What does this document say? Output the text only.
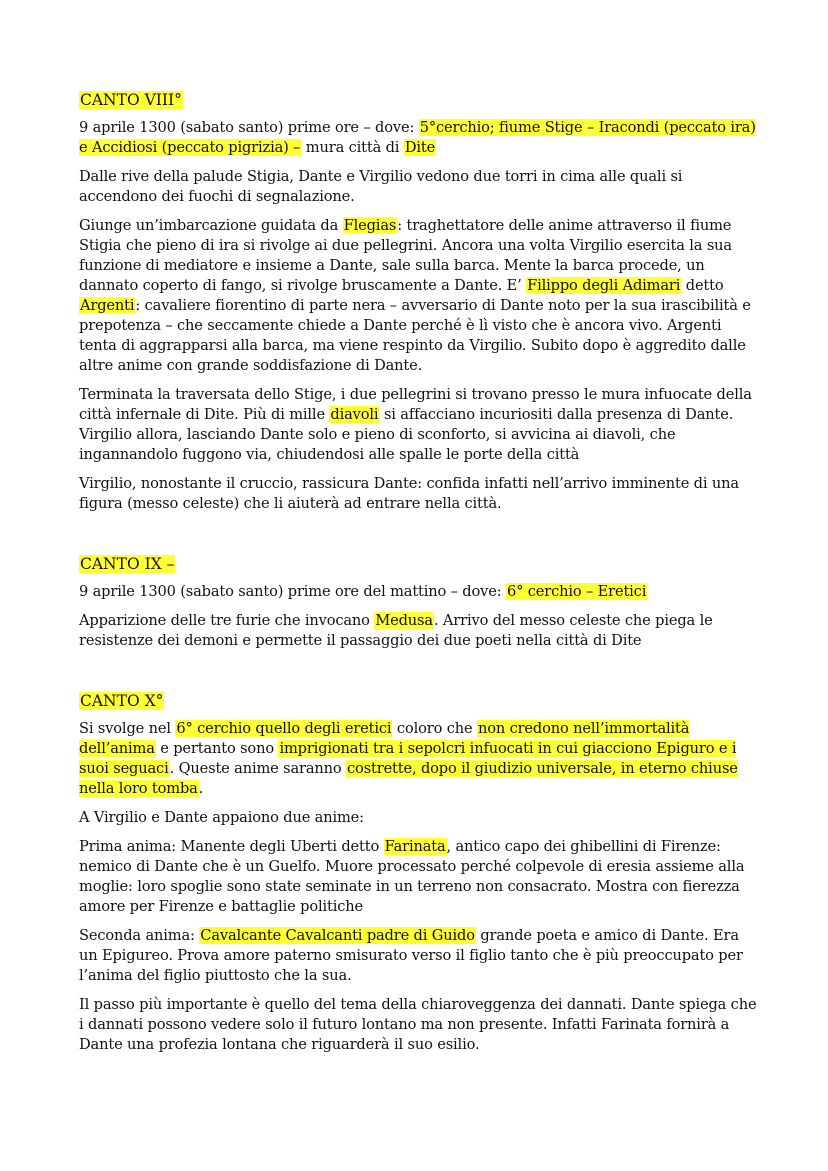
CANTO VIII°

9 aprile 1300 (sabato santo) prime ore – dove: 5°cerchio; fiume Stige – Iracondi (peccato ira) e Accidiosi (peccato pigrizia) – mura città di Dite

Dalle rive della palude Stigia, Dante e Virgilio vedono due torri in cima alle quali si accendono dei fuochi di segnalazione.

Giunge un’imbarcazione guidata da Flegias: traghettatore delle anime attraverso il fiume Stigia che pieno di ira si rivolge ai due pellegrini. Ancora una volta Virgilio esercita la sua funzione di mediatore e insieme a Dante, sale sulla barca. Mente la barca procede, un dannato coperto di fango, si rivolge bruscamente a Dante. E’ Filippo degli Adimari detto Argenti: cavaliere fiorentino di parte nera – avversario di Dante noto per la sua irascibilità e prepotenza – che seccamente chiede a Dante perché è lì visto che è ancora vivo. Argenti tenta di aggrapparsi alla barca, ma viene respinto da Virgilio. Subito dopo è aggredito dalle altre anime con grande soddisfazione di Dante.

Terminata la traversata dello Stige, i due pellegrini si trovano presso le mura infuocate della città infernale di Dite. Più di mille diavoli si affacciano incuriositi dalla presenza di Dante. Virgilio allora, lasciando Dante solo e pieno di sconforto, si avvicina ai diavoli, che ingannandolo fuggono via, chiudendosi alle spalle le porte della città

Virgilio, nonostante il cruccio, rassicura Dante: confida infatti nell’arrivo imminente di una figura (messo celeste) che li aiuterà ad entrare nella città.

CANTO IX –

9 aprile 1300 (sabato santo) prime ore del mattino – dove: 6° cerchio – Eretici

Apparizione delle tre furie che invocano Medusa. Arrivo del messo celeste che piega le resistenze dei demoni e permette il passaggio dei due poeti nella città di Dite

CANTO X°

Si svolge nel 6° cerchio quello degli eretici coloro che non credono nell’immortalità dell’anima e pertanto sono imprigionati tra i sepolcri infuocati in cui giacciono Epiguro e i suoi seguaci. Queste anime saranno costrette, dopo il giudizio universale, in eterno chiuse nella loro tomba.

A Virgilio e Dante appaiono due anime:

Prima anima: Manente degli Uberti detto Farinata, antico capo dei ghibellini di Firenze: nemico di Dante che è un Guelfo. Muore processato perché colpevole di eresia assieme alla moglie: loro spoglie sono state seminate in un terreno non consacrato. Mostra con fierezza amore per Firenze e battaglie politiche

Seconda anima: Cavalcante Cavalcanti padre di Guido grande poeta e amico di Dante. Era un Epigureo. Prova amore paterno smisurato verso il figlio tanto che è più preoccupato per l’anima del figlio piuttosto che la sua.

Il passo più importante è quello del tema della chiaroveggenza dei dannati. Dante spiega che i dannati possono vedere solo il futuro lontano ma non presente. Infatti Farinata fornirà a Dante una profezia lontana che riguarderà il suo esilio.
